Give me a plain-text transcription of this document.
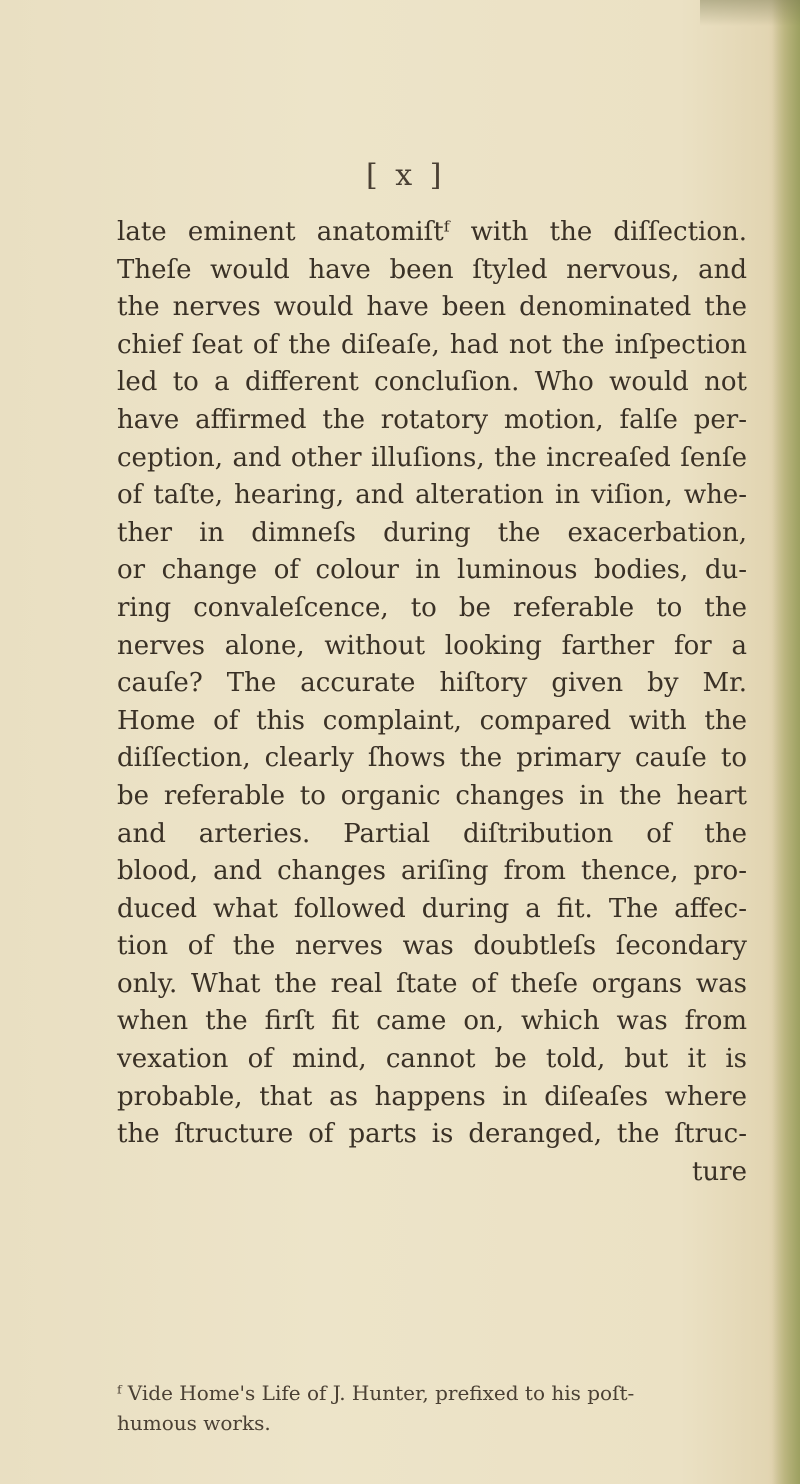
[ x ]
late eminent anatomiſtᶠ with the diſſection.
Theſe would have been ſtyled nervous, and
the nerves would have been denominated the
chief ſeat of the diſeaſe, had not the inſpection
led to a different concluſion. Who would not
have affirmed the rotatory motion, falſe per-
ception, and other illuſions, the increaſed ſenſe
of taſte, hearing, and alteration in viſion, whe-
ther in dimneſs during the exacerbation,
or change of colour in luminous bodies, du-
ring convaleſcence, to be referable to the
nerves alone, without looking farther for a
cauſe? The accurate hiſtory given by Mr.
Home of this complaint, compared with the
diſſection, clearly ſhows the primary cauſe to
be referable to organic changes in the heart
and arteries. Partial diſtribution of the
blood, and changes ariſing from thence, pro-
duced what followed during a fit. The affec-
tion of the nerves was doubtleſs ſecondary
only. What the real ſtate of theſe organs was
when the firſt fit came on, which was from
vexation of mind, cannot be told, but it is
probable, that as happens in diſeaſes where
the ſtructure of parts is deranged, the ſtruc-
ture
ᶠ Vide Home's Life of J. Hunter, prefixed to his poſt-
humous works.
